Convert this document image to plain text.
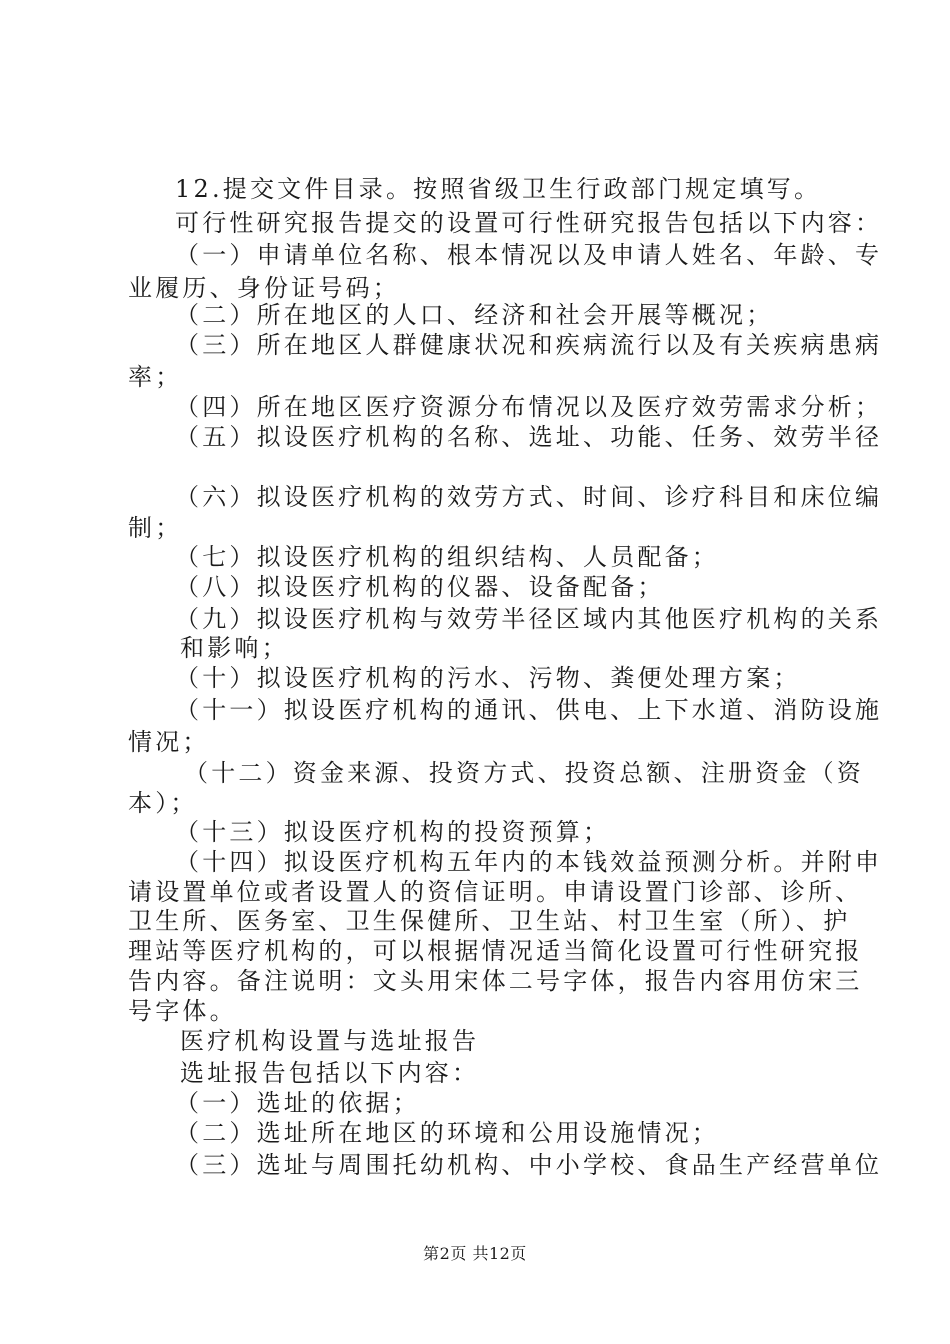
12.提交文件目录。按照省级卫生行政部门规定填写。
可行性研究报告提交的设置可行性研究报告包括以下内容：
（一）申请单位名称、根本情况以及申请人姓名、年龄、专
业履历、身份证号码；
（二）所在地区的人口、经济和社会开展等概况；
（三）所在地区人群健康状况和疾病流行以及有关疾病患病
率；
（四）所在地区医疗资源分布情况以及医疗效劳需求分析；
（五）拟设医疗机构的名称、选址、功能、任务、效劳半径
（六）拟设医疗机构的效劳方式、时间、诊疗科目和床位编
制；
（七）拟设医疗机构的组织结构、人员配备；
（八）拟设医疗机构的仪器、设备配备；
（九）拟设医疗机构与效劳半径区域内其他医疗机构的关系
和影响；
（十）拟设医疗机构的污水、污物、粪便处理方案；
（十一）拟设医疗机构的通讯、供电、上下水道、消防设施
情况；
（十二）资金来源、投资方式、投资总额、注册资金（资
本）；
（十三）拟设医疗机构的投资预算；
（十四）拟设医疗机构五年内的本钱效益预测分析。并附申
请设置单位或者设置人的资信证明。申请设置门诊部、诊所、
卫生所、医务室、卫生保健所、卫生站、村卫生室（所）、护
理站等医疗机构的，可以根据情况适当简化设置可行性研究报
告内容。备注说明：文头用宋体二号字体，报告内容用仿宋三
号字体。
医疗机构设置与选址报告
选址报告包括以下内容：
（一）选址的依据；
（二）选址所在地区的环境和公用设施情况；
（三）选址与周围托幼机构、中小学校、食品生产经营单位
第2页 共12页
